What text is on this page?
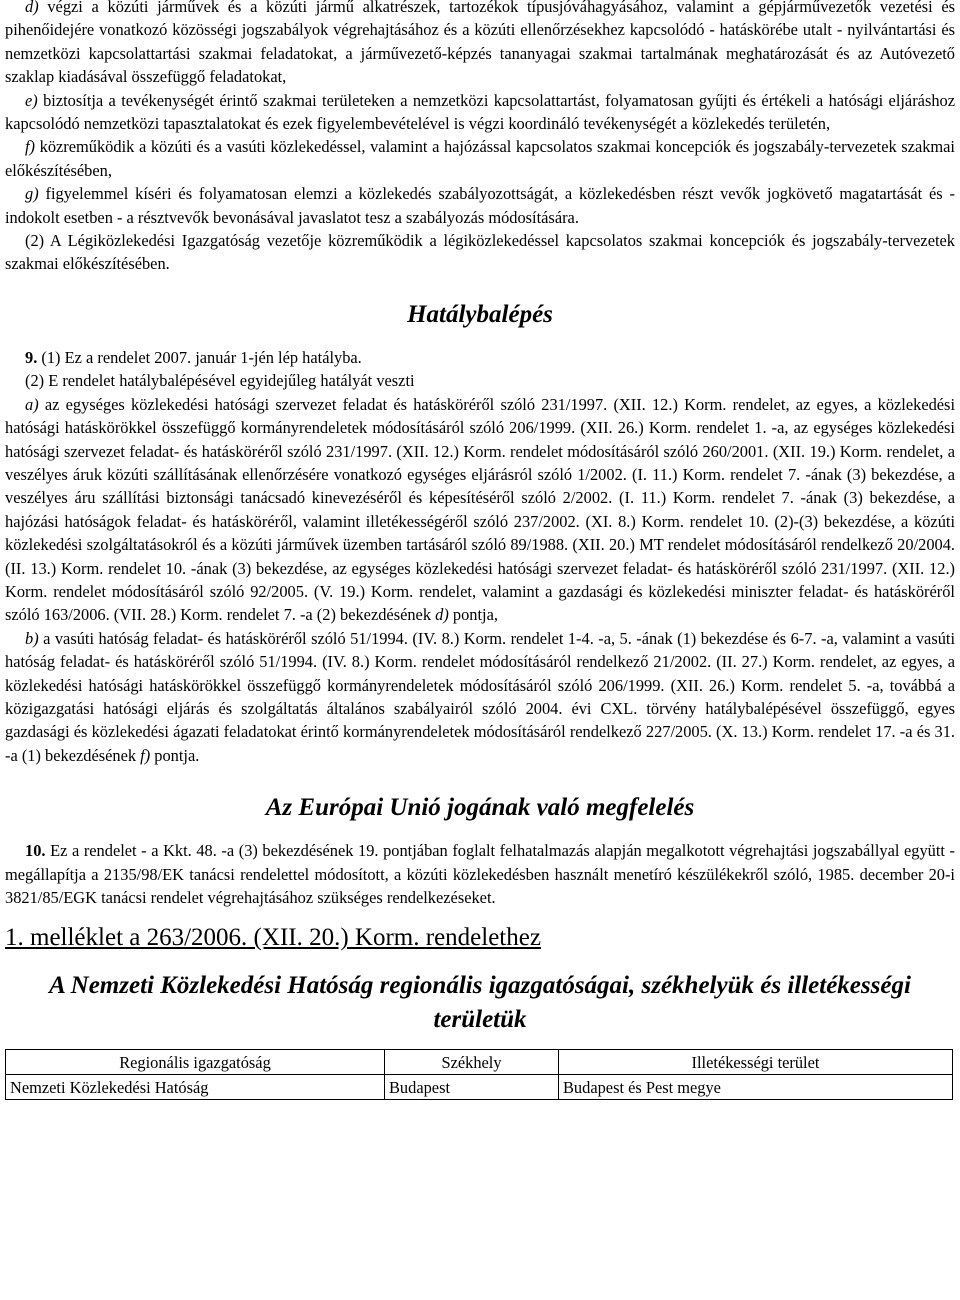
d) végzi a közúti járművek és a közúti jármű alkatrészek, tartozékok típusjóváhagyásához, valamint a gépjárművezetők vezetési és pihenőidejére vonatkozó közösségi jogszabályok végrehajtásához és a közúti ellenőrzésekhez kapcsolódó - hatáskörébe utalt - nyilvántartási és nemzetközi kapcsolattartási szakmai feladatokat, a járművezető-képzés tananyagai szakmai tartalmának meghatározását és az Autóvezető szaklap kiadásával összefüggő feladatokat,

e) biztosítja a tevékenységét érintő szakmai területeken a nemzetközi kapcsolattartást, folyamatosan gyűjti és értékeli a hatósági eljáráshoz kapcsolódó nemzetközi tapasztalatokat és ezek figyelembevételével is végzi koordináló tevékenységét a közlekedés területén,

f) közreműködik a közúti és a vasúti közlekedéssel, valamint a hajózással kapcsolatos szakmai koncepciók és jogszabály-tervezetek szakmai előkészítésében,

g) figyelemmel kíséri és folyamatosan elemzi a közlekedés szabályozottságát, a közlekedésben részt vevők jogkövető magatartását és - indokolt esetben - a résztvevők bevonásával javaslatot tesz a szabályozás módosítására.

(2) A Légiközlekedési Igazgatóság vezetője közreműködik a légiközlekedéssel kapcsolatos szakmai koncepciók és jogszabály-tervezetek szakmai előkészítésében.

Hatálybalépés

9. (1) Ez a rendelet 2007. január 1-jén lép hatályba.

(2) E rendelet hatálybalépésével egyidejűleg hatályát veszti

a) az egységes közlekedési hatósági szervezet feladat és hatásköréről szóló 231/1997. (XII. 12.) Korm. rendelet, az egyes, a közlekedési hatósági hatáskörökkel összefüggő kormányrendeletek módosításáról szóló 206/1999. (XII. 26.) Korm. rendelet 1. -a, az egységes közlekedési hatósági szervezet feladat- és hatásköréről szóló 231/1997. (XII. 12.) Korm. rendelet módosításáról szóló 260/2001. (XII. 19.) Korm. rendelet, a veszélyes áruk közúti szállításának ellenőrzésére vonatkozó egységes eljárásról szóló 1/2002. (I. 11.) Korm. rendelet 7. -ának (3) bekezdése, a veszélyes áru szállítási biztonsági tanácsadó kinevezéséről és képesítéséről szóló 2/2002. (I. 11.) Korm. rendelet 7. -ának (3) bekezdése, a hajózási hatóságok feladat- és hatásköréről, valamint illetékességéről szóló 237/2002. (XI. 8.) Korm. rendelet 10. (2)-(3) bekezdése, a közúti közlekedési szolgáltatásokról és a közúti járművek üzemben tartásáról szóló 89/1988. (XII. 20.) MT rendelet módosításáról rendelkező 20/2004. (II. 13.) Korm. rendelet 10. -ának (3) bekezdése, az egységes közlekedési hatósági szervezet feladat- és hatásköréről szóló 231/1997. (XII. 12.) Korm. rendelet módosításáról szóló 92/2005. (V. 19.) Korm. rendelet, valamint a gazdasági és közlekedési miniszter feladat- és hatásköréről szóló 163/2006. (VII. 28.) Korm. rendelet 7. -a (2) bekezdésének d) pontja,

b) a vasúti hatóság feladat- és hatásköréről szóló 51/1994. (IV. 8.) Korm. rendelet 1-4. -a, 5. -ának (1) bekezdése és 6-7. -a, valamint a vasúti hatóság feladat- és hatásköréről szóló 51/1994. (IV. 8.) Korm. rendelet módosításáról rendelkező 21/2002. (II. 27.) Korm. rendelet, az egyes, a közlekedési hatósági hatáskörökkel összefüggő kormányrendeletek módosításáról szóló 206/1999. (XII. 26.) Korm. rendelet 5. -a, továbbá a közigazgatási hatósági eljárás és szolgáltatás általános szabályairól szóló 2004. évi CXL. törvény hatálybalépésével összefüggő, egyes gazdasági és közlekedési ágazati feladatokat érintő kormányrendeletek módosításáról rendelkező 227/2005. (X. 13.) Korm. rendelet 17. -a és 31. -a (1) bekezdésének f) pontja.

Az Európai Unió jogának való megfelelés

10. Ez a rendelet - a Kkt. 48. -a (3) bekezdésének 19. pontjában foglalt felhatalmazás alapján megalkotott végrehajtási jogszabállyal együtt - megállapítja a 2135/98/EK tanácsi rendelettel módosított, a közúti közlekedésben használt menetíró készülékekről szóló, 1985. december 20-i 3821/85/EGK tanácsi rendelet végrehajtásához szükséges rendelkezéseket.

1. melléklet a 263/2006. (XII. 20.) Korm. rendelethez
A Nemzeti Közlekedési Hatóság regionális igazgatóságai, székhelyük és illetékességi területük
Regionális igazgatóság	Székhely	Illetékességi terület
Nemzeti Közlekedési Hatóság	Budapest	Budapest és Pest megye
